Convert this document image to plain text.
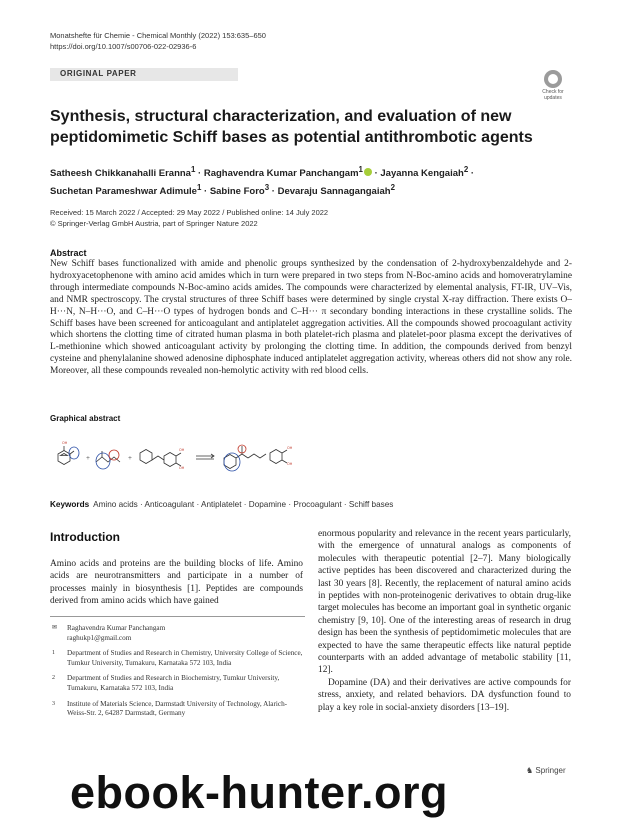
Monatshefte für Chemie - Chemical Monthly (2022) 153:635–650
https://doi.org/10.1007/s00706-022-02936-6
ORIGINAL PAPER
Check for updates
Synthesis, structural characterization, and evaluation of new peptidomimetic Schiff bases as potential antithrombotic agents
Satheesh Chikkanahalli Eranna$^1$ · Raghavendra Kumar Panchangam$^1$ · Jayanna Kengaiah$^2$ ·
Suchetan Parameshwar Adimule$^1$ · Sabine Foro$^3$ · Devaraju Sannagangaiah$^2$
Received: 15 March 2022 / Accepted: 29 May 2022 / Published online: 14 July 2022
© Springer-Verlag GmbH Austria, part of Springer Nature 2022
Abstract
New Schiff bases functionalized with amide and phenolic groups synthesized by the condensation of 2-hydroxybenzaldehyde and 2-hydroxyacetophenone with amino acid amides which in turn were prepared in two steps from N-Boc-amino acids and homoveratrylamine through intermediate compounds N-Boc-amino acids amides. The compounds were characterized by elemental analysis, FT-IR, UV–Vis, and NMR spectroscopy. The crystal structures of three Schiff bases were determined by single crystal X-ray diffraction. There exists O–H···N, N–H···O, and C–H···O types of hydrogen bonds and C–H··· π secondary bonding interactions in these crystalline solids. The Schiff bases have been screened for anticoagulant and antiplatelet aggregation activities. All the compounds showed procoagulant activity which shortens the clotting time of citrated human plasma in both platelet-rich plasma and platelet-poor plasma except the derivatives of L-methionine which showed anticoagulant activity by prolonging the clotting time. In addition, the compounds derived from benzyl cysteine and phenylalanine showed adenosine diphosphate induced antiplatelet aggregation activity, whereas others did not show any role. Moreover, all these compounds revealed non-hemolytic activity with red blood cells.
Graphical abstract
+	+
OH
OH
OH
OH
OH
Keywords Amino acids · Anticoagulant · Antiplatelet · Dopamine · Procoagulant · Schiff bases
Introduction
Amino acids and proteins are the building blocks of life. Amino acids are neurotransmitters and participate in a number of processes mainly in biosynthesis [1]. Peptides are compounds derived from amino acids which have gained
✉ Raghavendra Kumar Panchangam
raghukp1@gmail.com
1 Department of Studies and Research in Chemistry, University College of Science, Tumkur University, Tumakuru, Karnataka 572 103, India
2 Department of Studies and Research in Biochemistry, Tumkur University, Tumakuru, Karnataka 572 103, India
3 Institute of Materials Science, Darmstadt University of Technology, Alarich-Weiss-Str. 2, 64287 Darmstadt, Germany

enormous popularity and relevance in the recent years particularly, with the emergence of unnatural analogs as components of molecules with therapeutic potential [2–7]. Many biologically active peptides has been discovered and characterized during the last 30 years [8]. Recently, the replacement of natural amino acids in peptides with non-proteinogenic derivatives to obtain drug-like target molecules has become an important goal in synthetic organic chemistry [9, 10]. One of the interesting areas of research in drug design has been the synthesis of peptidomimetic molecules that are expected to have the same therapeutic effects like natural peptide counterparts with an added advantage of metabolic stability [11, 12].

Dopamine (DA) and their derivatives are active compounds for stress, anxiety, and related behaviors. DA dysfunction found to play a key role in social-anxiety disorders [13–19].

♞ Springer
ebook-hunter.org
